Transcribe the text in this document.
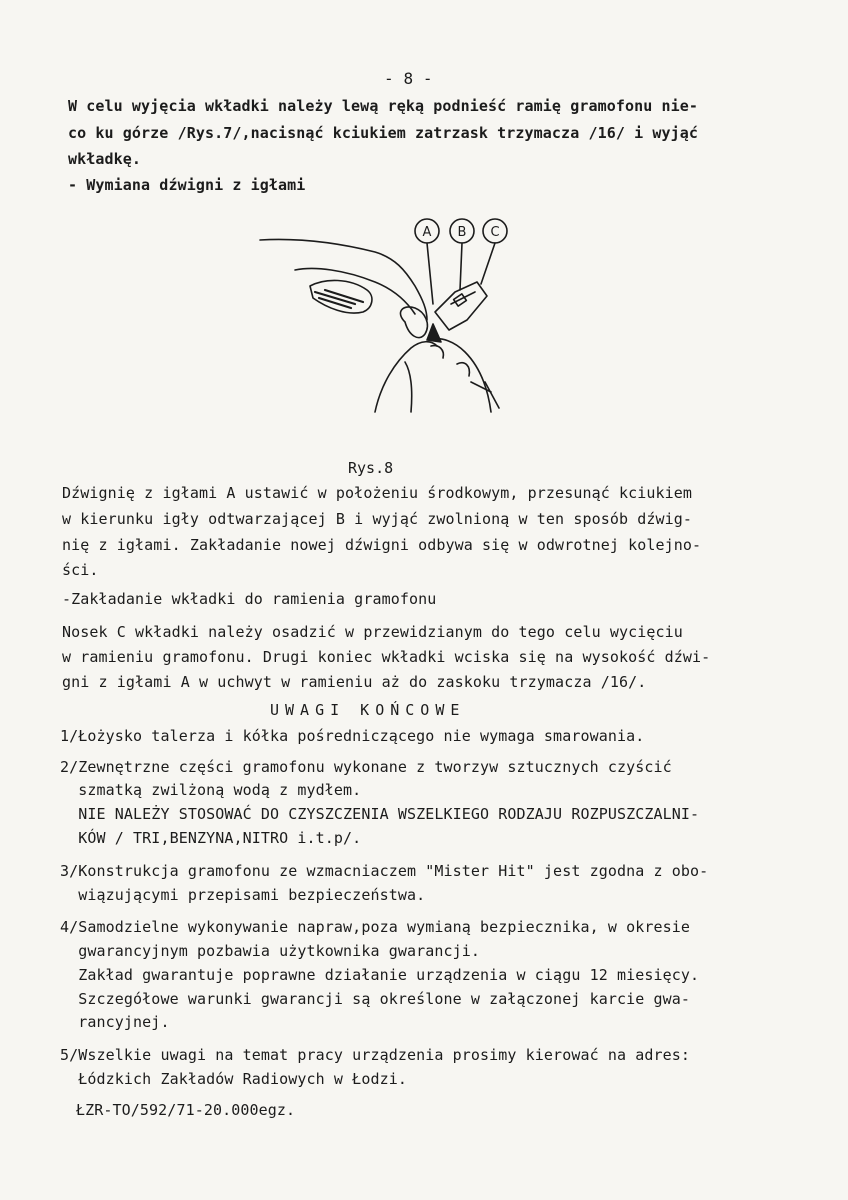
- 8 -
W celu wyjęcia wkładki należy lewą ręką podnieść ramię gramofonu nie-
co ku górze /Rys.7/,nacisnąć kciukiem zatrzask trzymacza /16/ i wyjąć
wkładkę.
- Wymiana dźwigni z igłami
A B C
Rys.8
Dźwignię z igłami A ustawić w położeniu środkowym, przesunąć kciukiem
w kierunku igły odtwarzającej B i wyjąć zwolnioną w ten sposób dźwig-
nię z igłami. Zakładanie nowej dźwigni odbywa się w odwrotnej kolejno-
ści.
-Zakładanie wkładki do ramienia gramofonu
Nosek C wkładki należy osadzić w przewidzianym do tego celu wycięciu
w ramieniu gramofonu. Drugi koniec wkładki wciska się na wysokość dźwi-
gni z igłami A w uchwyt w ramieniu aż do zaskoku trzymacza /16/.
UWAGI KOŃCOWE
1/Łożysko talerza i kółka pośredniczącego nie wymaga smarowania.
2/Zewnętrzne części gramofonu wykonane z tworzyw sztucznych czyścić
szmatką zwilżoną wodą z mydłem.
NIE NALEŻY STOSOWAĆ DO CZYSZCZENIA WSZELKIEGO RODZAJU ROZPUSZCZALNI-
KÓW / TRI,BENZYNA,NITRO i.t.p/.
3/Konstrukcja gramofonu ze wzmacniaczem "Mister Hit" jest zgodna z obo-
wiązującymi przepisami bezpieczeństwa.
4/Samodzielne wykonywanie napraw,poza wymianą bezpiecznika, w okresie
gwarancyjnym pozbawia użytkownika gwarancji.
Zakład gwarantuje poprawne działanie urządzenia w ciągu 12 miesięcy.
Szczegółowe warunki gwarancji są określone w załączonej karcie gwa-
rancyjnej.
5/Wszelkie uwagi na temat pracy urządzenia prosimy kierować na adres:
Łódzkich Zakładów Radiowych w Łodzi.
ŁZR-TO/592/71-20.000egz.
